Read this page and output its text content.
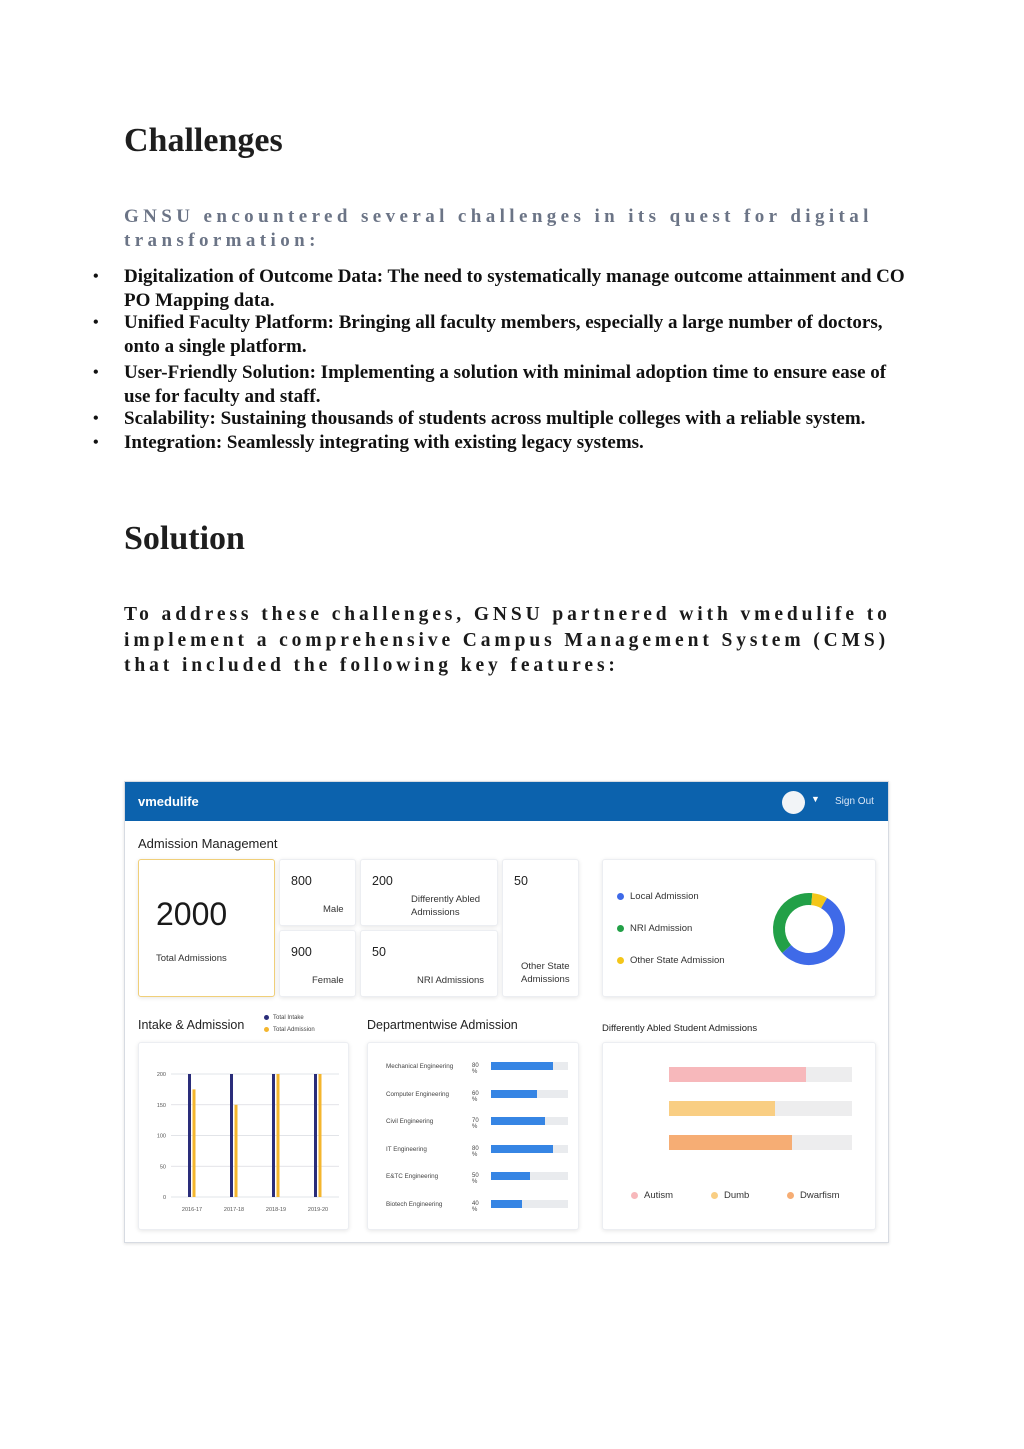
Challenges
GNSU encountered several challenges in its quest for digital transformation:
• Digitalization of Outcome Data: The need to systematically manage outcome attainment and CO PO Mapping data.
• Unified Faculty Platform: Bringing all faculty members, especially a large number of doctors, onto a single platform.
• User-Friendly Solution: Implementing a solution with minimal adoption time to ensure ease of use for faculty and staff.
• Scalability: Sustaining thousands of students across multiple colleges with a reliable system.
• Integration: Seamlessly integrating with existing legacy systems.
Solution
To address these challenges, GNSU partnered with vmedulife to implement a comprehensive Campus Management System (CMS) that included the following key features:
vmedulife	▼ Sign Out
Admission Management
2000
Total Admissions
800
Male
900
Female
200
Differently Abled Admissions
50
NRI Admissions
50
Other State Admissions
Local Admission
NRI Admission
Other State Admission
Intake & Admission	Total Intake
Total Admission
200
150
100
50
0
2016-17	2017-18	2018-19	2019-20
Departmentwise Admission
Mechanical Engineering	80 %
Computer Engineering	60 %
Civil Engineering	70 %
IT Engineering	80 %
E&TC Engineering	50 %
Biotech Engineering	40 %
Differently Abled Student Admissions
Autism	Dumb	Dwarfism
